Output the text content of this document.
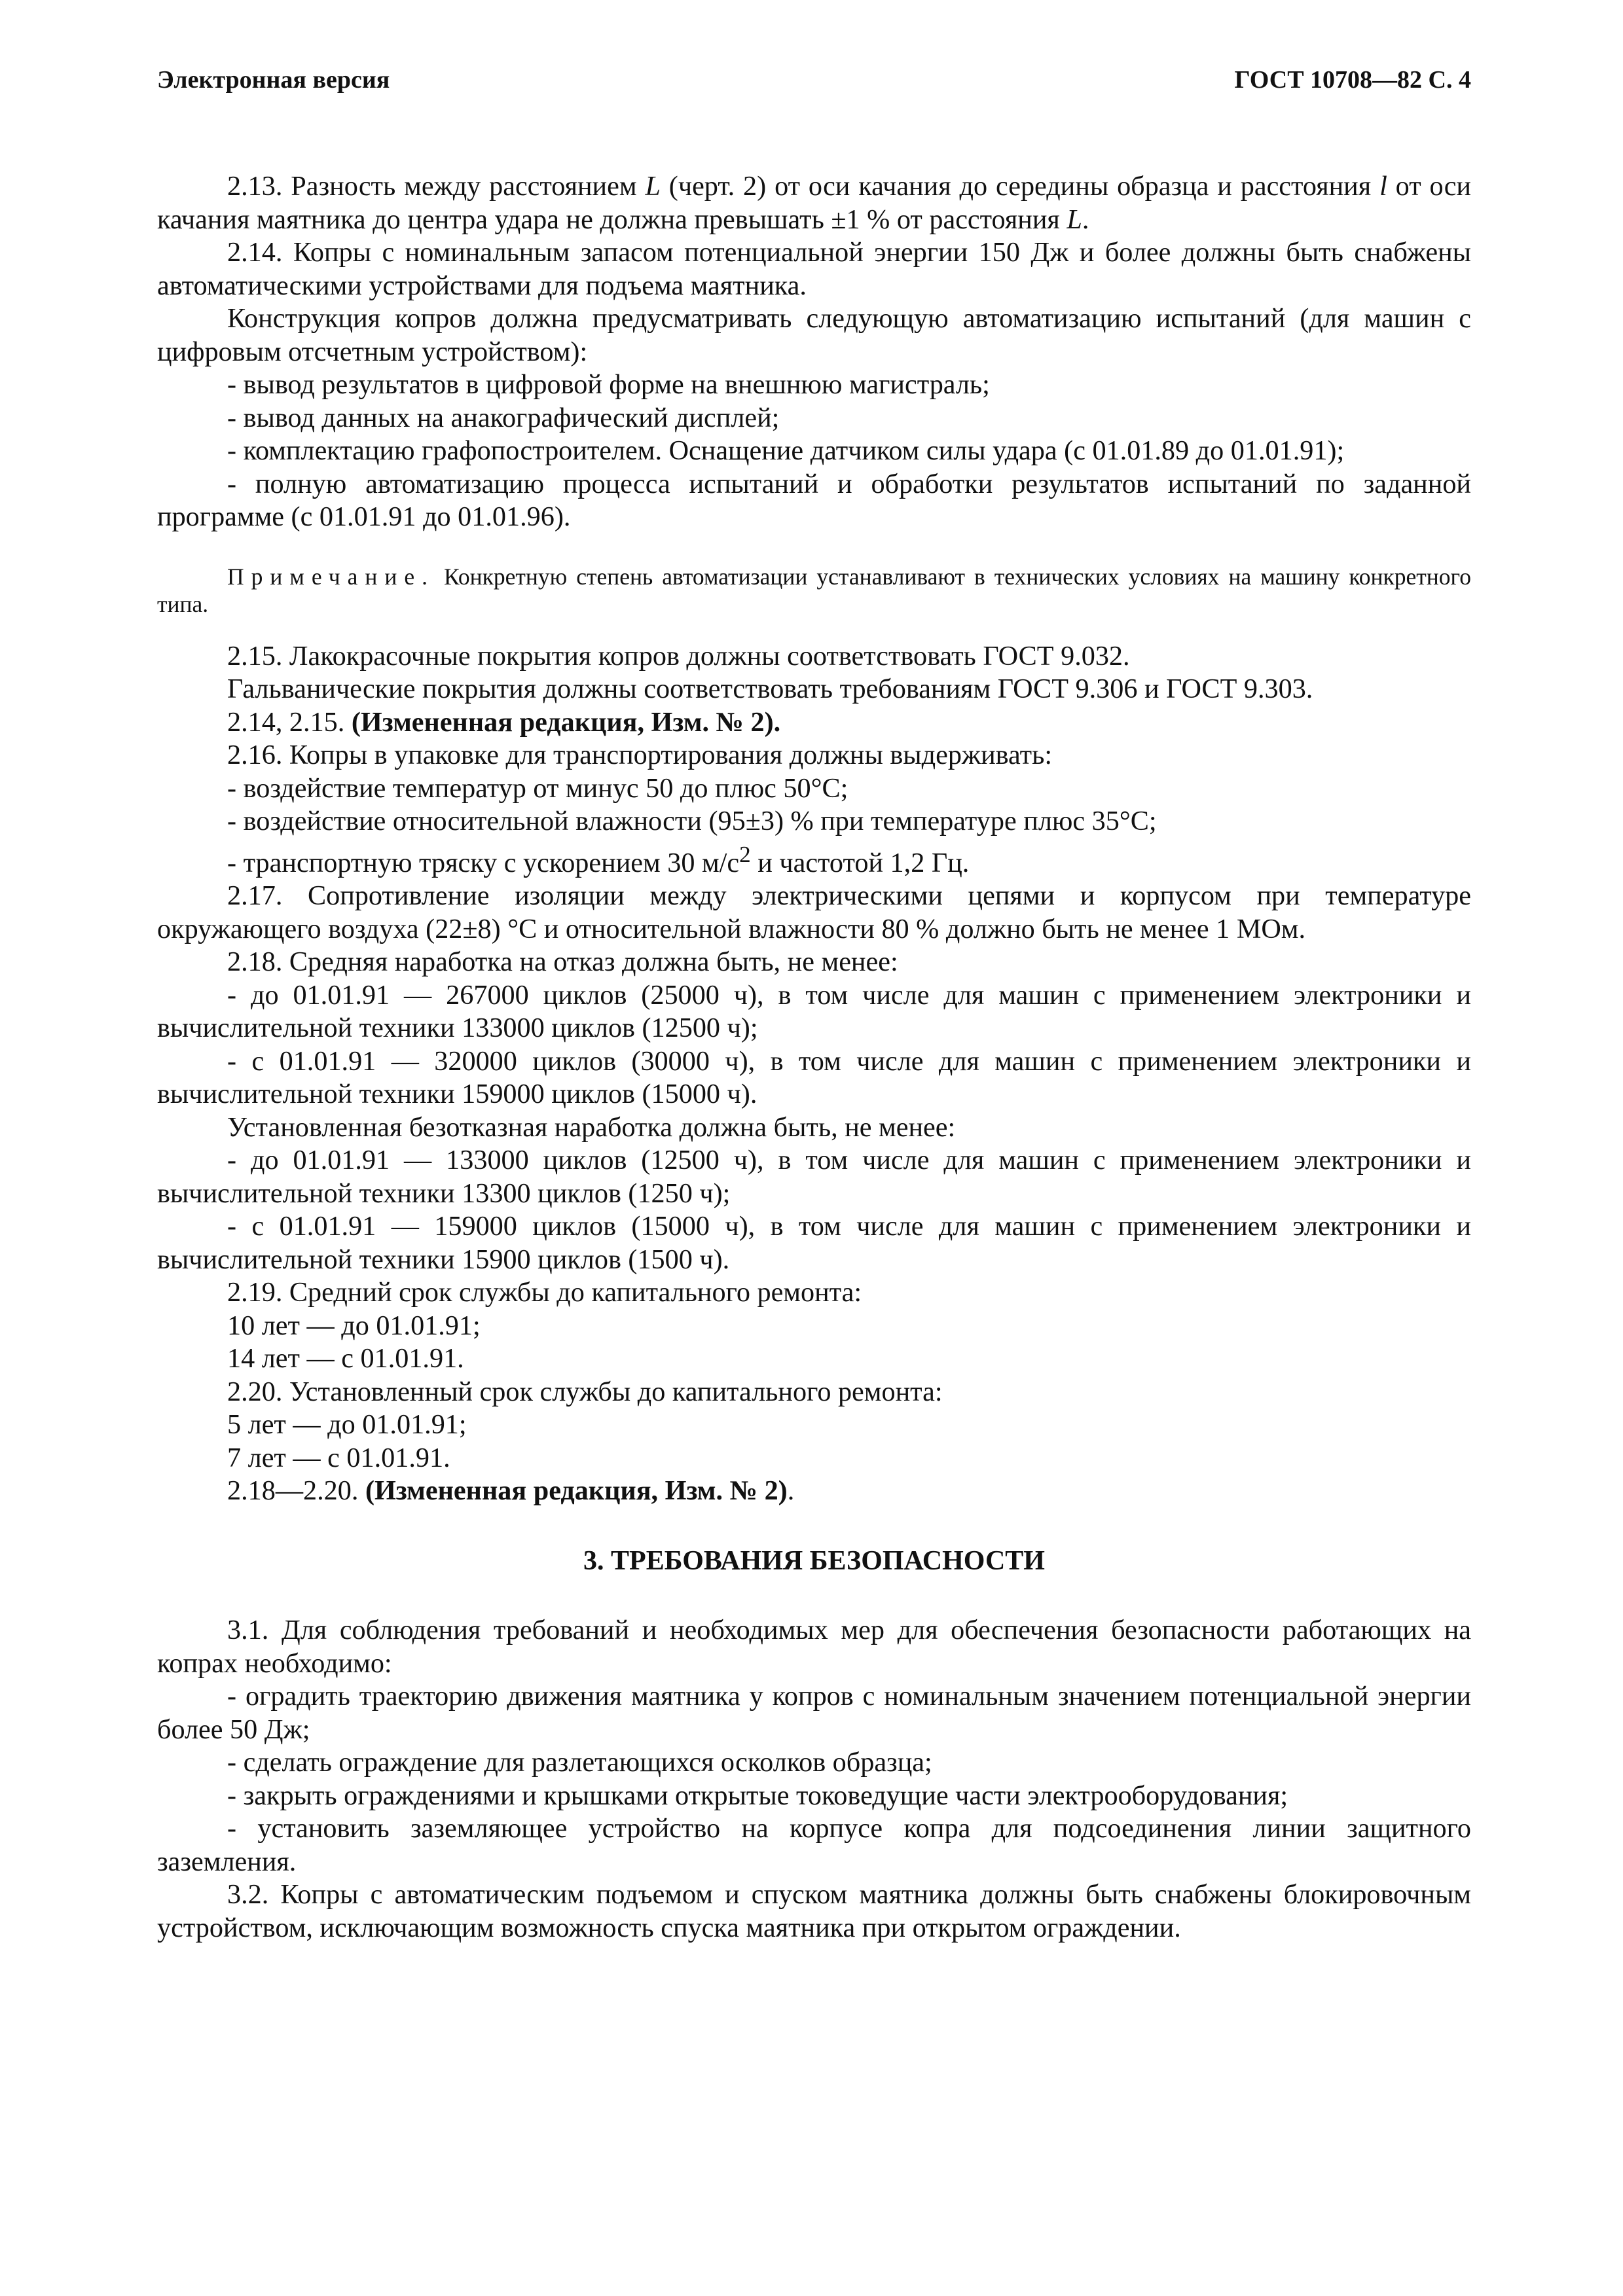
Электронная версия	ГОСТ 10708—82 С. 4

2.13. Разность между расстоянием L (черт. 2) от оси качания до середины образца и расстояния l от оси качания маятника до центра удара не должна превышать ±1 % от расстояния L.

2.14. Копры с номинальным запасом потенциальной энергии 150 Дж и более должны быть снабжены автоматическими устройствами для подъема маятника.

Конструкция копров должна предусматривать следующую автоматизацию испытаний (для машин с цифровым отсчетным устройством):

- вывод результатов в цифровой форме на внешнюю магистраль;

- вывод данных на анакографический дисплей;

- комплектацию графопостроителем. Оснащение датчиком силы удара (с 01.01.89 до 01.01.91);

- полную автоматизацию процесса испытаний и обработки результатов испытаний по заданной программе (с 01.01.91 до 01.01.96).

Примечание. Конкретную степень автоматизации устанавливают в технических условиях на машину конкретного типа.

2.15. Лакокрасочные покрытия копров должны соответствовать ГОСТ 9.032.

Гальванические покрытия должны соответствовать требованиям ГОСТ 9.306 и ГОСТ 9.303.

2.14, 2.15. (Измененная редакция, Изм. № 2).

2.16. Копры в упаковке для транспортирования должны выдерживать:

- воздействие температур от минус 50 до плюс 50°С;

- воздействие относительной влажности (95±3) % при температуре плюс 35°С;

- транспортную тряску с ускорением 30 $м/с^2$ и частотой 1,2 Гц.

2.17. Сопротивление изоляции между электрическими цепями и корпусом при температуре окружающего воздуха (22±8) °С и относительной влажности 80 % должно быть не менее 1 МОм.

2.18. Средняя наработка на отказ должна быть, не менее:

- до 01.01.91 — 267000 циклов (25000 ч), в том числе для машин с применением электроники и вычислительной техники 133000 циклов (12500 ч);

- с 01.01.91 — 320000 циклов (30000 ч), в том числе для машин с применением электроники и вычислительной техники 159000 циклов (15000 ч).

Установленная безотказная наработка должна быть, не менее:

- до 01.01.91 — 133000 циклов (12500 ч), в том числе для машин с применением электроники и вычислительной техники 13300 циклов (1250 ч);

- с 01.01.91 — 159000 циклов (15000 ч), в том числе для машин с применением электроники и вычислительной техники 15900 циклов (1500 ч).

2.19. Средний срок службы до капитального ремонта:

10 лет — до 01.01.91;

14 лет — с 01.01.91.

2.20. Установленный срок службы до капитального ремонта:

5 лет — до 01.01.91;

7 лет — с 01.01.91.

2.18—2.20. (Измененная редакция, Изм. № 2).

3. ТРЕБОВАНИЯ БЕЗОПАСНОСТИ

3.1. Для соблюдения требований и необходимых мер для обеспечения безопасности работающих на копрах необходимо:

- оградить траекторию движения маятника у копров с номинальным значением потенциальной энергии более 50 Дж;

- сделать ограждение для разлетающихся осколков образца;

- закрыть ограждениями и крышками открытые токоведущие части электрооборудования;

- установить заземляющее устройство на корпусе копра для подсоединения линии защитного заземления.

3.2. Копры с автоматическим подъемом и спуском маятника должны быть снабжены блокировочным устройством, исключающим возможность спуска маятника при открытом ограждении.
